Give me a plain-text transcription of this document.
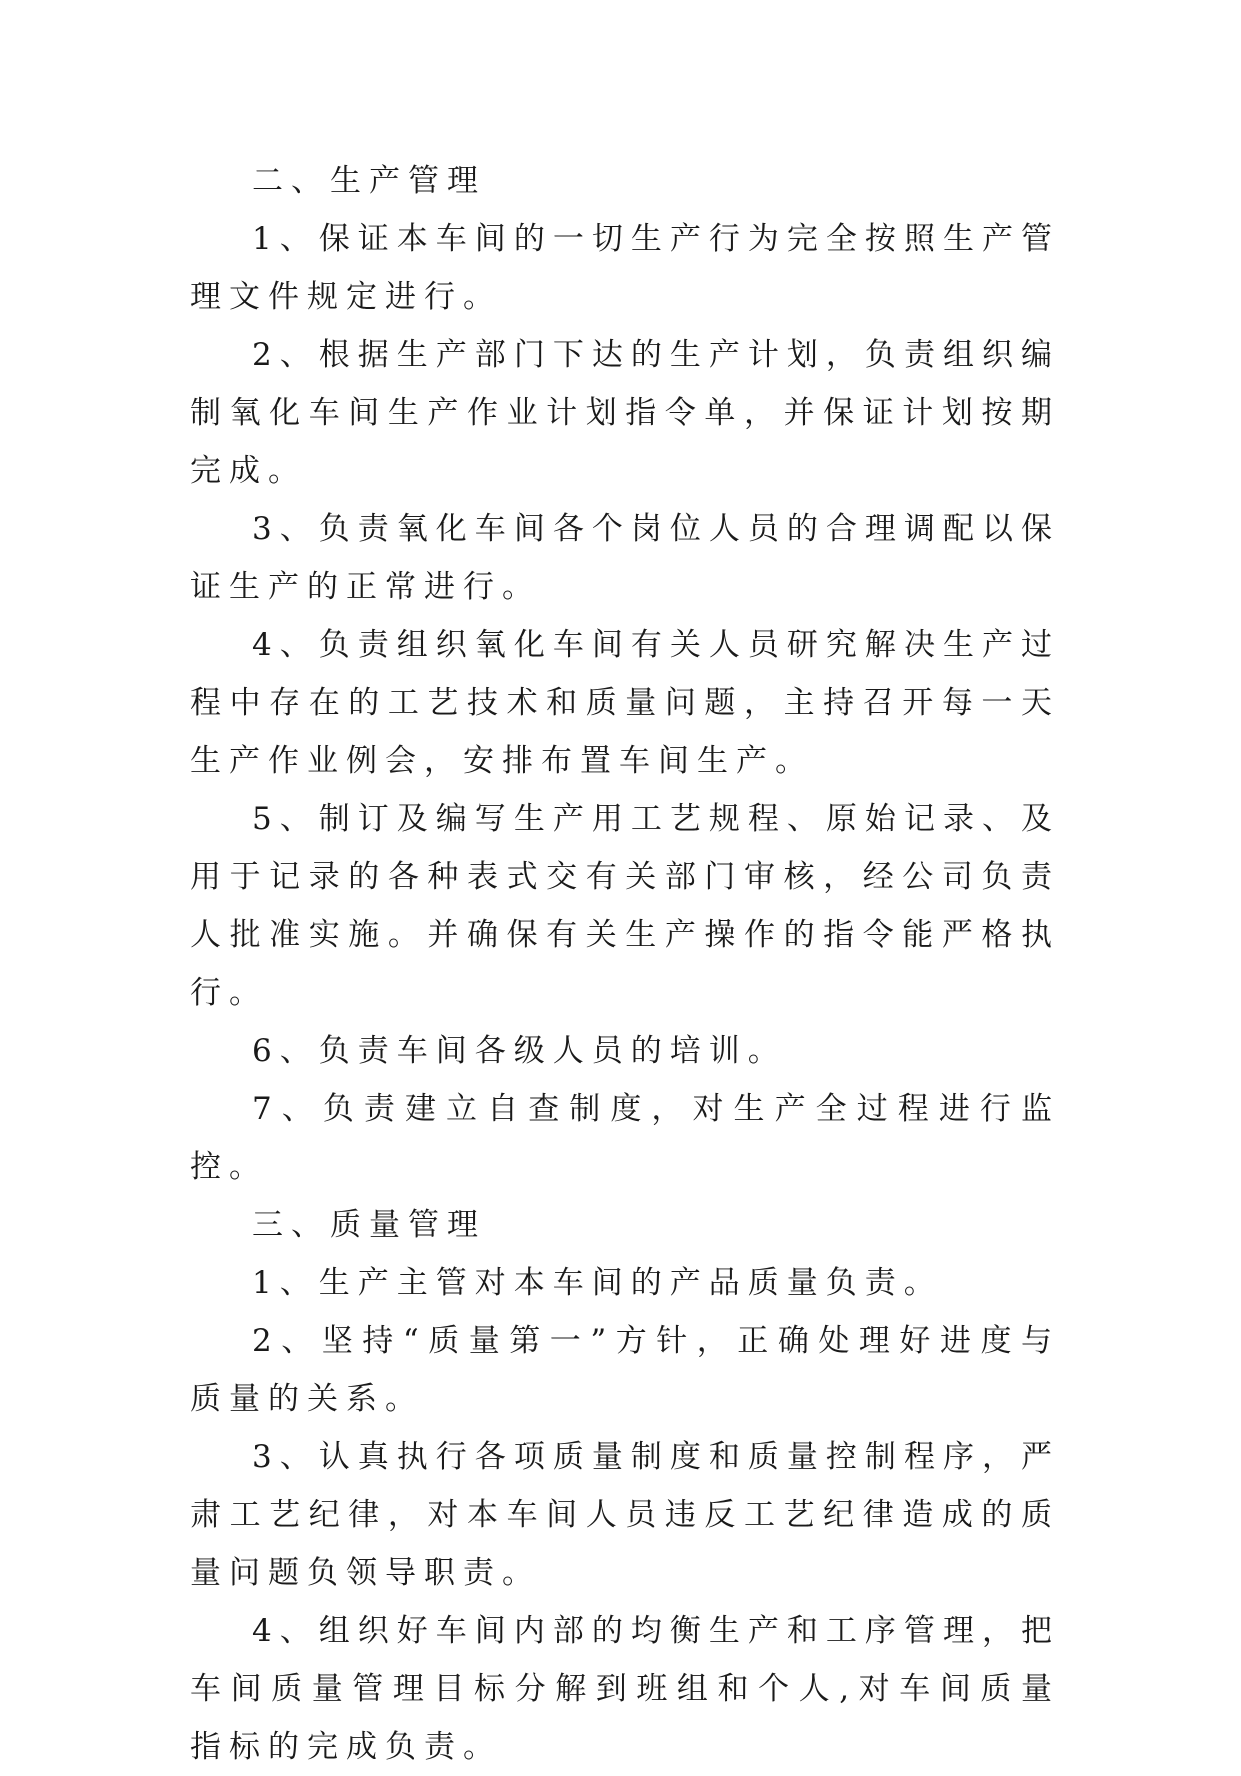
二、生产管理

1、保证本车间的一切生产行为完全按照生产管理文件规定进行。

2、根据生产部门下达的生产计划，负责组织编制氧化车间生产作业计划指令单，并保证计划按期完成。

3、负责氧化车间各个岗位人员的合理调配以保证生产的正常进行。

4、负责组织氧化车间有关人员研究解决生产过程中存在的工艺技术和质量问题，主持召开每一天生产作业例会，安排布置车间生产。

5、制订及编写生产用工艺规程、原始记录、及用于记录的各种表式交有关部门审核，经公司负责人批准实施。并确保有关生产操作的指令能严格执行。

6、负责车间各级人员的培训。

7、负责建立自查制度，对生产全过程进行监控。

三、质量管理

1、生产主管对本车间的产品质量负责。

2、坚持“质量第一”方针，正确处理好进度与质量的关系。

3、认真执行各项质量制度和质量控制程序，严肃工艺纪律，对本车间人员违反工艺纪律造成的质量问题负领导职责。

4、组织好车间内部的均衡生产和工序管理，把车间质量管理目标分解到班组和个人,对车间质量指标的完成负责。
